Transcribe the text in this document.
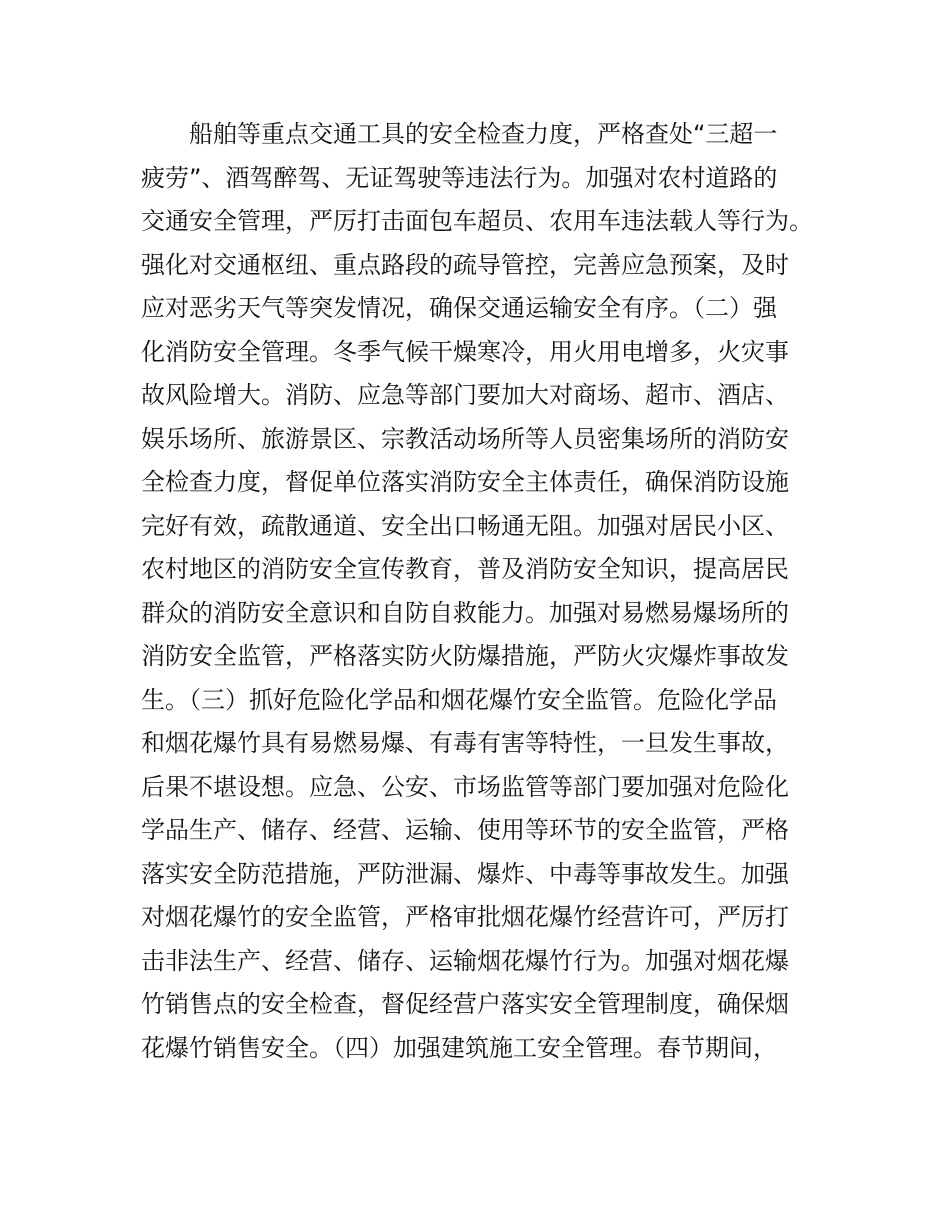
船舶等重点交通工具的安全检查力度，严格查处“三超一
疲劳”、酒驾醉驾、无证驾驶等违法行为。加强对农村道路的
交通安全管理，严厉打击面包车超员、农用车违法载人等行为。
强化对交通枢纽、重点路段的疏导管控，完善应急预案，及时
应对恶劣天气等突发情况，确保交通运输安全有序。（二）强
化消防安全管理。冬季气候干燥寒冷，用火用电增多，火灾事
故风险增大。消防、应急等部门要加大对商场、超市、酒店、
娱乐场所、旅游景区、宗教活动场所等人员密集场所的消防安
全检查力度，督促单位落实消防安全主体责任，确保消防设施
完好有效，疏散通道、安全出口畅通无阻。加强对居民小区、
农村地区的消防安全宣传教育，普及消防安全知识，提高居民
群众的消防安全意识和自防自救能力。加强对易燃易爆场所的
消防安全监管，严格落实防火防爆措施，严防火灾爆炸事故发
生。（三）抓好危险化学品和烟花爆竹安全监管。危险化学品
和烟花爆竹具有易燃易爆、有毒有害等特性，一旦发生事故，
后果不堪设想。应急、公安、市场监管等部门要加强对危险化
学品生产、储存、经营、运输、使用等环节的安全监管，严格
落实安全防范措施，严防泄漏、爆炸、中毒等事故发生。加强
对烟花爆竹的安全监管，严格审批烟花爆竹经营许可，严厉打
击非法生产、经营、储存、运输烟花爆竹行为。加强对烟花爆
竹销售点的安全检查，督促经营户落实安全管理制度，确保烟
花爆竹销售安全。（四）加强建筑施工安全管理。春节期间，
